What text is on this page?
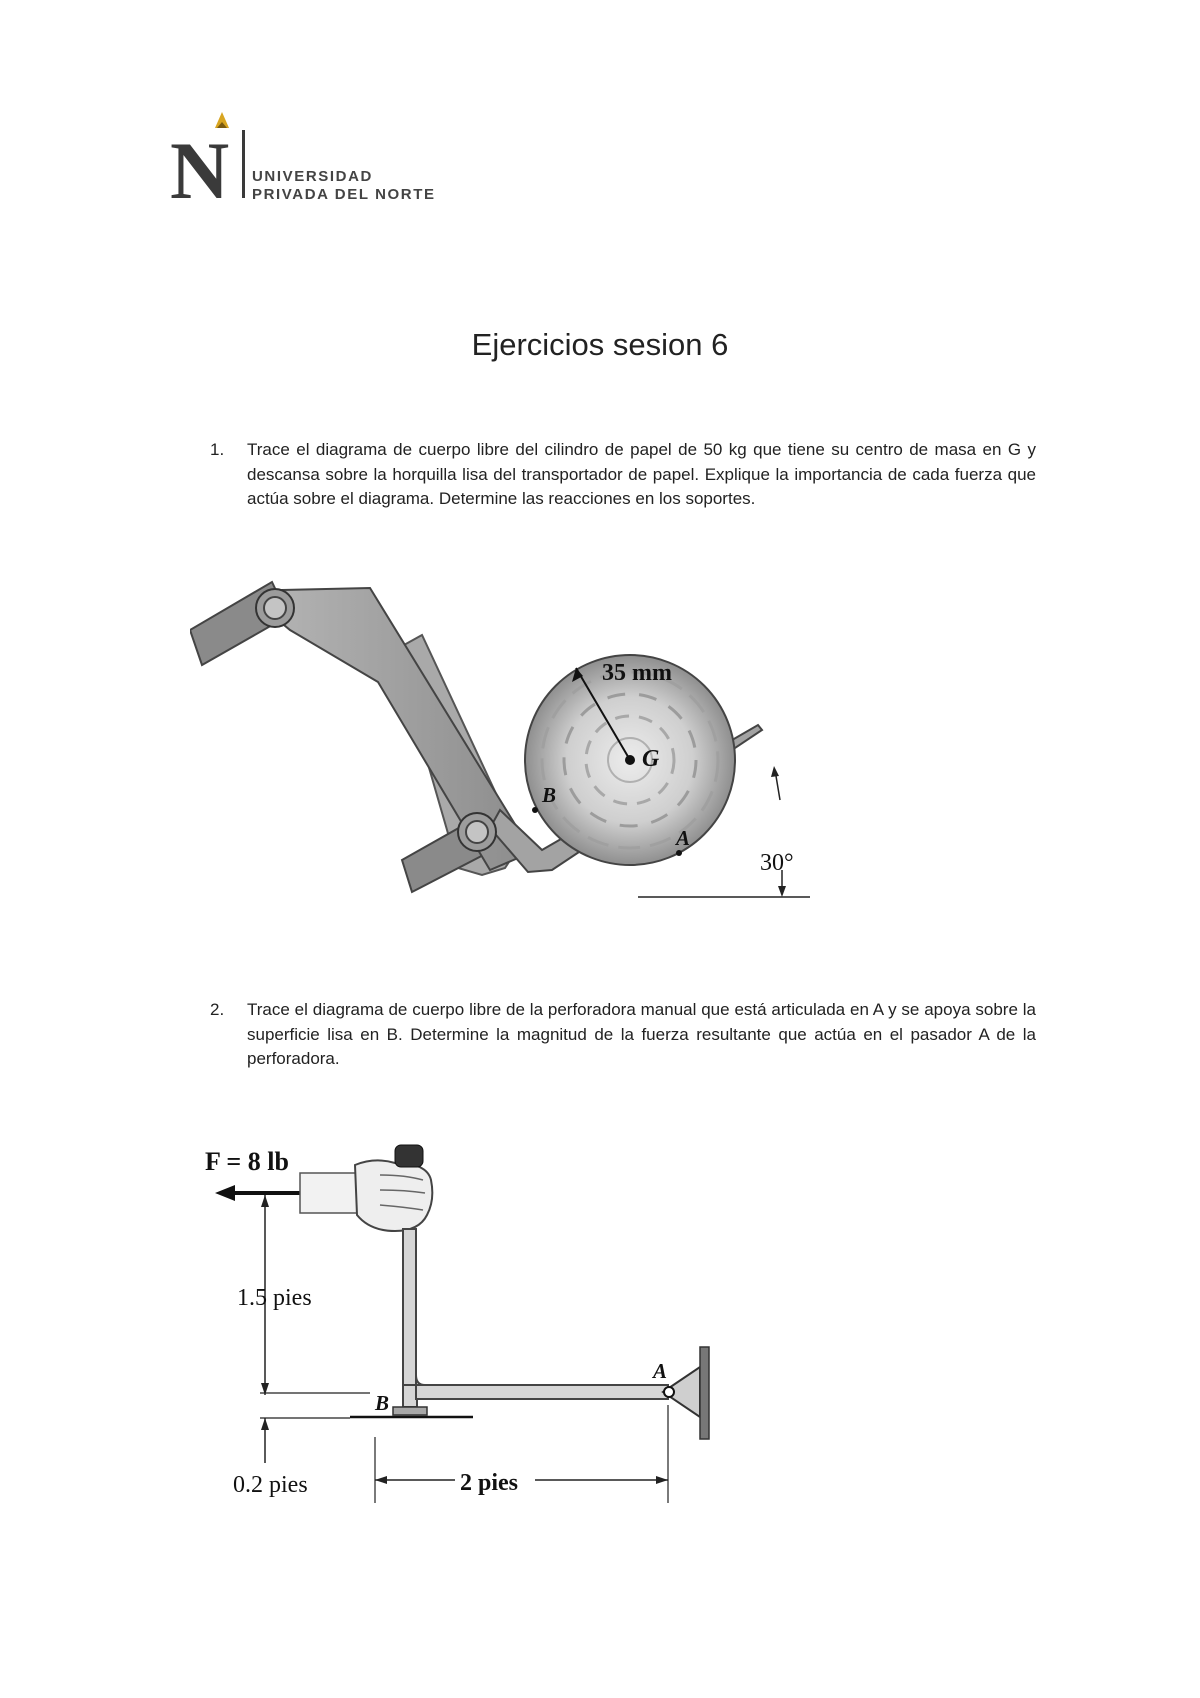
N UNIVERSIDAD
PRIVADA DEL NORTE
Ejercicios sesion 6
1. Trace el diagrama de cuerpo libre del cilindro de papel de 50 kg que tiene su centro de masa en G y descansa sobre la horquilla lisa del transportador de papel. Explique la importancia de cada fuerza que actúa sobre el diagrama. Determine las reacciones en los soportes.
35 mm
G
B
A
30°
2. Trace el diagrama de cuerpo libre de la perforadora manual que está articulada en A y se apoya sobre la superficie lisa en B. Determine la magnitud de la fuerza resultante que actúa en el pasador A de la perforadora.
F = 8 lb
1.5 pies
0.2 pies	2 pies
A
B
